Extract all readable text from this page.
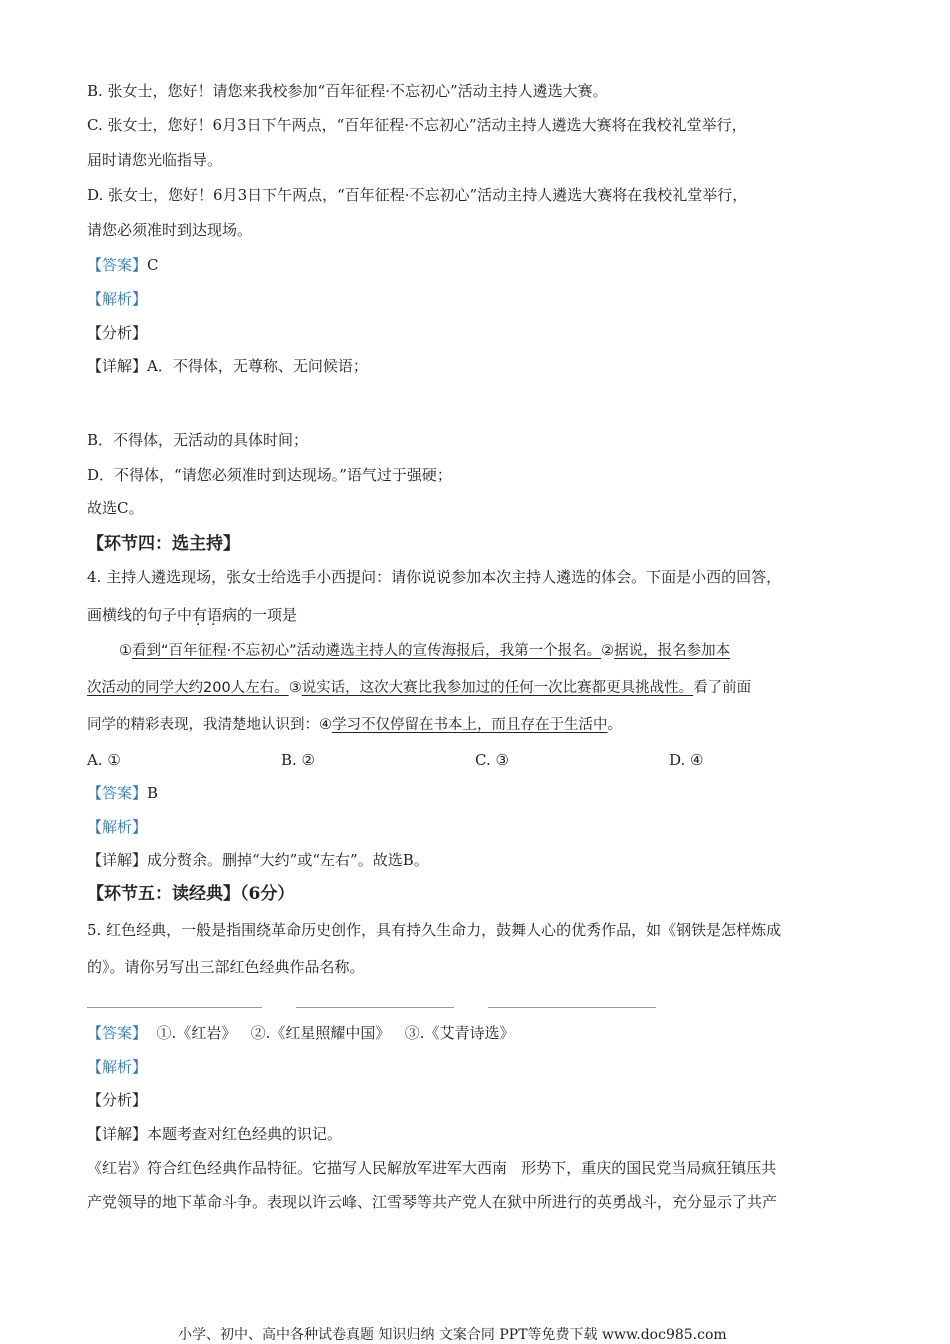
B. 张女士，您好！请您来我校参加“百年征程·不忘初心”活动主持人遴选大赛。
C. 张女士，您好！6月3日下午两点，“百年征程·不忘初心”活动主持人遴选大赛将在我校礼堂举行，
届时请您光临指导。
D. 张女士，您好！6月3日下午两点，“百年征程·不忘初心”活动主持人遴选大赛将在我校礼堂举行，
请您必须准时到达现场。
【答案】C
【解析】
【分析】
【详解】A．不得体，无尊称、无问候语；
B．不得体，无活动的具体时间；
D．不得体，“请您必须准时到达现场。”语气过于强硬；
故选C。
【环节四：选主持】
4. 主持人遴选现场，张女士给选手小西提问：请你说说参加本次主持人遴选的体会。下面是小西的回答，
画横线的句子中有语病的一项是
①看到“百年征程·不忘初心”活动遴选主持人的宣传海报后，我第一个报名。②据说，报名参加本
次活动的同学大约200人左右。③说实话，这次大赛比我参加过的任何一次比赛都更具挑战性。看了前面
同学的精彩表现，我清楚地认识到：④学习不仅停留在书本上，而且存在于生活中。
A. ①	B. ②	C. ③	D. ④
【答案】B
【解析】
【详解】成分赘余。删掉“大约”或“左右”。故选B。
【环节五：读经典】（6分）
5. 红色经典，一般是指围绕革命历史创作，具有持久生命力，鼓舞人心的优秀作品，如《钢铁是怎样炼成
的》。请你另写出三部红色经典作品名称。
【答案】  ①.《红岩》   ②.《红星照耀中国》   ③.《艾青诗选》
【解析】
【分析】
【详解】本题考查对红色经典的识记。
《红岩》符合红色经典作品特征。它描写人民解放军进军大西南   形势下，重庆的国民党当局疯狂镇压共
产党领导的地下革命斗争。表现以许云峰、江雪琴等共产党人在狱中所进行的英勇战斗，充分显示了共产
小学、初中、高中各种试卷真题 知识归纳 文案合同 PPT等免费下载 www.doc985.com
